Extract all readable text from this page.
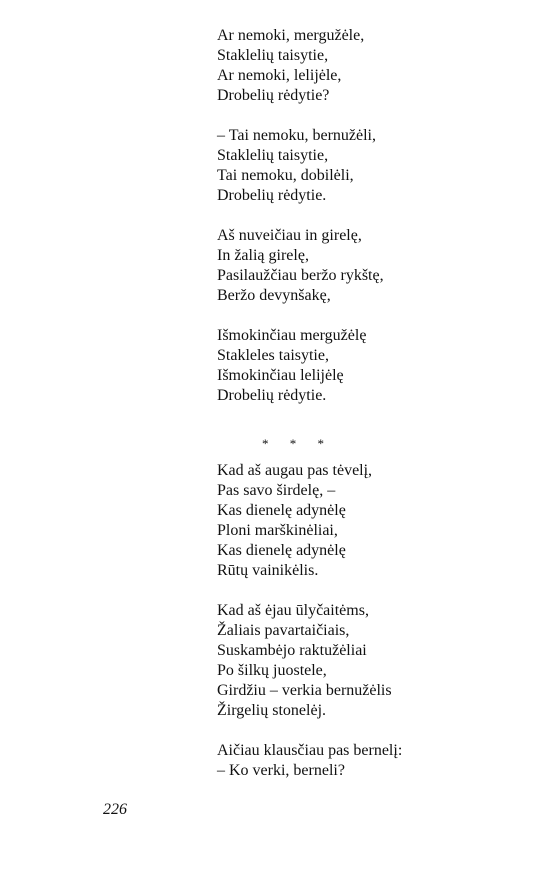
Ar nemoki, mergužėle,
Staklelių taisytie,
Ar nemoki, lelijėle,
Drobelių rėdytie?
– Tai nemoku, bernužėli,
Staklelių taisytie,
Tai nemoku, dobilėli,
Drobelių rėdytie.
Aš nuveičiau in girelę,
In žalią girelę,
Pasilaužčiau beržo rykštę,
Beržo devynšakę,
Išmokinčiau mergužėlę
Stakleles taisytie,
Išmokinčiau lelijėlę
Drobelių rėdytie.
* * *
Kad aš augau pas tėvelį,
Pas savo širdelę, –
Kas dienelę adynėlę
Ploni marškinėliai,
Kas dienelę adynėlę
Rūtų vainikėlis.
Kad aš ėjau ūlyčaitėms,
Žaliais pavartaičiais,
Suskambėjo raktužėliai
Po šilkų juostele,
Girdžiu – verkia bernužėlis
Žirgelių stonelėj.
Aičiau klausčiau pas bernelį:
– Ko verki, berneli?
226
